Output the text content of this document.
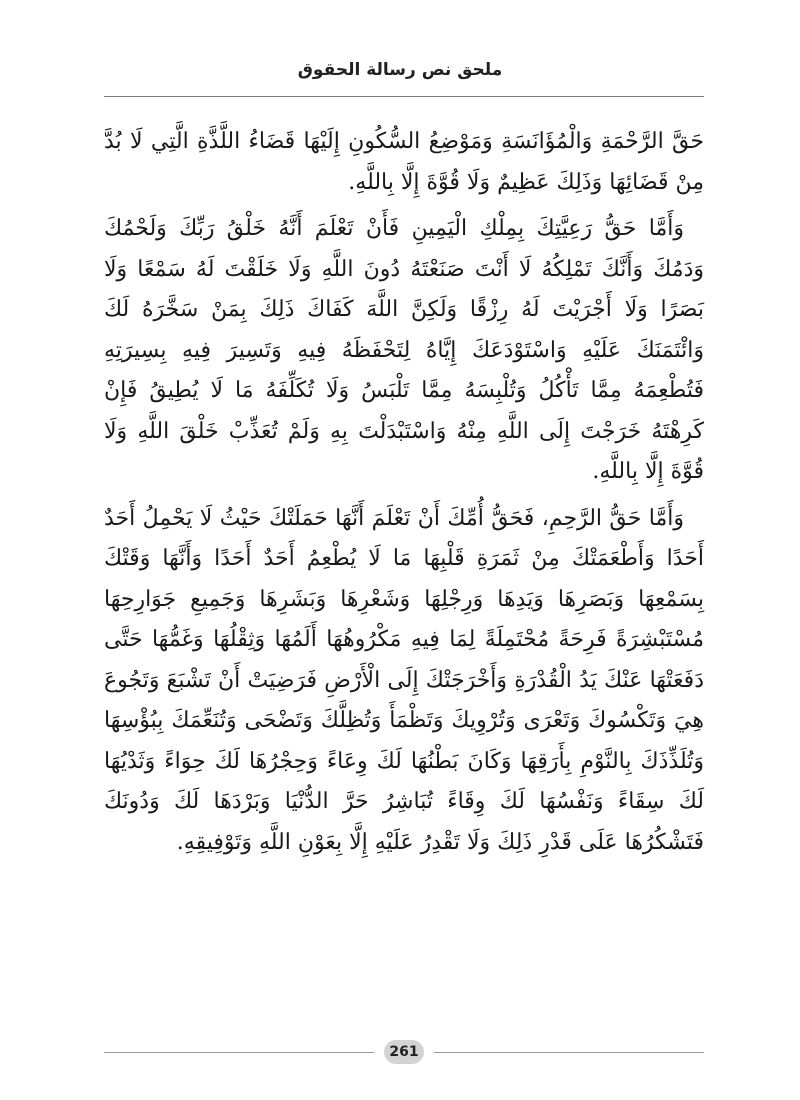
ملحق نص رسالة الحقوق

حَقَّ الرَّحْمَةِ وَالْمُؤَانَسَةِ وَمَوْضِعُ السُّكُونِ إِلَيْهَا قَضَاءُ اللَّذَّةِ الَّتِي لَا بُدَّ مِنْ قَضَائِهَا وَذَلِكَ عَظِيمٌ وَلَا قُوَّةَ إِلَّا بِاللَّهِ.

وَأَمَّا حَقُّ رَعِيَّتِكَ بِمِلْكِ الْيَمِينِ فَأَنْ تَعْلَمَ أَنَّهُ خَلْقُ رَبِّكَ وَلَحْمُكَ وَدَمُكَ وَأَنَّكَ تَمْلِكُهُ لَا أَنْتَ صَنَعْتَهُ دُونَ اللَّهِ وَلَا خَلَقْتَ لَهُ سَمْعًا وَلَا بَصَرًا وَلَا أَجْرَيْتَ لَهُ رِزْقًا وَلَكِنَّ اللَّهَ كَفَاكَ ذَلِكَ بِمَنْ سَخَّرَهُ لَكَ وَائْتَمَنَكَ عَلَيْهِ وَاسْتَوْدَعَكَ إِيَّاهُ لِتَحْفَظَهُ فِيهِ وَتَسِيرَ فِيهِ بِسِيرَتِهِ فَتُطْعِمَهُ مِمَّا تَأْكُلُ وَتُلْبِسَهُ مِمَّا تَلْبَسُ وَلَا تُكَلِّفَهُ مَا لَا يُطِيقُ فَإِنْ كَرِهْتَهُ خَرَجْتَ إِلَى اللَّهِ مِنْهُ وَاسْتَبْدَلْتَ بِهِ وَلَمْ تُعَذِّبْ خَلْقَ اللَّهِ وَلَا قُوَّةَ إِلَّا بِاللَّهِ.

وَأَمَّا حَقُّ الرَّحِمِ، فَحَقُّ أُمِّكَ أَنْ تَعْلَمَ أَنَّهَا حَمَلَتْكَ حَيْثُ لَا يَحْمِلُ أَحَدٌ أَحَدًا وَأَطْعَمَتْكَ مِنْ ثَمَرَةِ قَلْبِهَا مَا لَا يُطْعِمُ أَحَدٌ أَحَدًا وَأَنَّهَا وَقَتْكَ بِسَمْعِهَا وَبَصَرِهَا وَيَدِهَا وَرِجْلِهَا وَشَعْرِهَا وَبَشَرِهَا وَجَمِيعِ جَوَارِحِهَا مُسْتَبْشِرَةً فَرِحَةً مُحْتَمِلَةً لِمَا فِيهِ مَكْرُوهُهَا أَلَمُهَا وَثِقْلُهَا وَغَمُّهَا حَتَّى دَفَعَتْهَا عَنْكَ يَدُ الْقُدْرَةِ وَأَخْرَجَتْكَ إِلَى الْأَرْضِ فَرَضِيَتْ أَنْ تَشْبَعَ وَتَجُوعَ هِيَ وَتَكْسُوكَ وَتَعْرَى وَتُرْوِيكَ وَتَظْمَأَ وَتُظِلَّكَ وَتَضْحَى وَتُنَعِّمَكَ بِبُؤْسِهَا وَتُلَذِّذَكَ بِالنَّوْمِ بِأَرَقِهَا وَكَانَ بَطْنُهَا لَكَ وِعَاءً وَحِجْرُهَا لَكَ حِوَاءً وَثَدْيُهَا لَكَ سِقَاءً وَنَفْسُهَا لَكَ وِقَاءً تُبَاشِرُ حَرَّ الدُّنْيَا وَبَرْدَهَا لَكَ وَدُونَكَ فَتَشْكُرُهَا عَلَى قَدْرِ ذَلِكَ وَلَا تَقْدِرُ عَلَيْهِ إِلَّا بِعَوْنِ اللَّهِ وَتَوْفِيقِهِ.

261
